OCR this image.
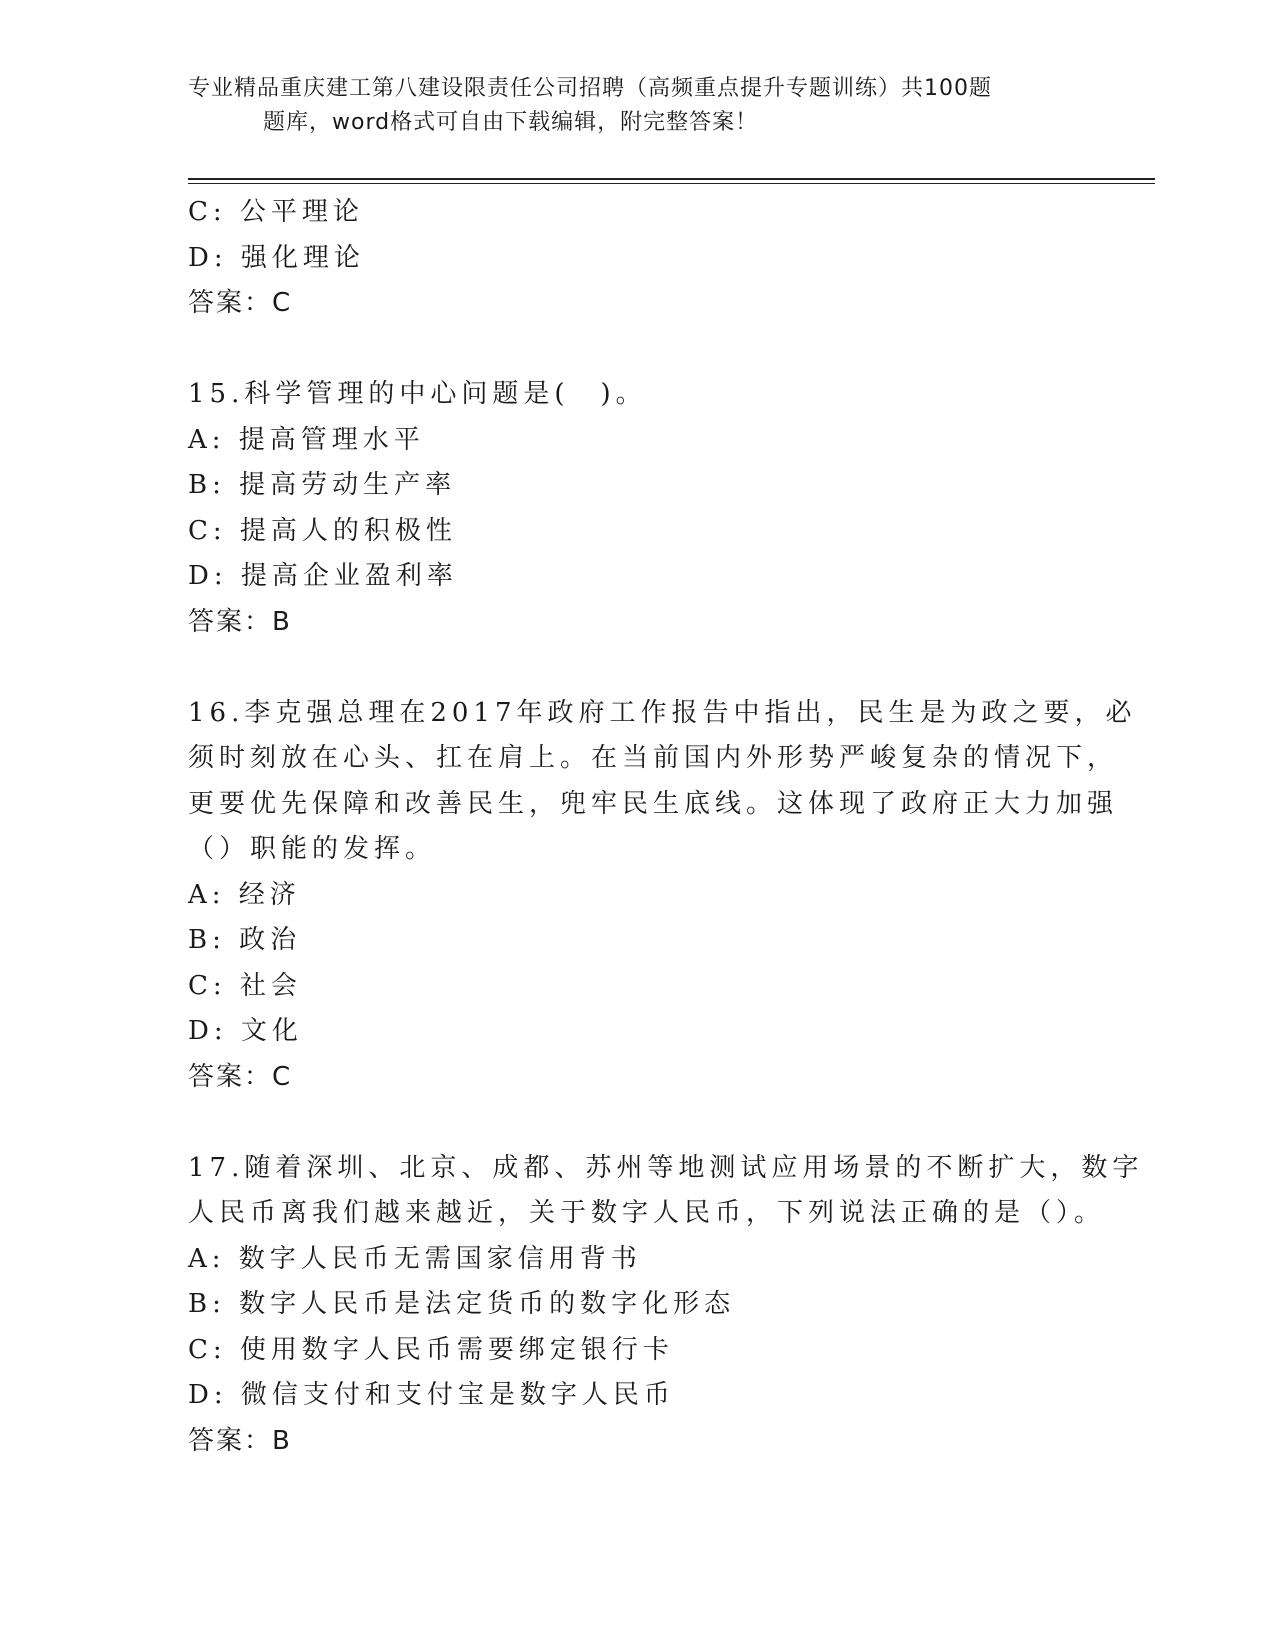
专业精品重庆建工第八建设限责任公司招聘（高频重点提升专题训练）共100题
题库，word格式可自由下载编辑，附完整答案！
C: 公平理论
D: 强化理论
答案：C
15.科学管理的中心问题是(　)。
A: 提高管理水平
B: 提高劳动生产率
C: 提高人的积极性
D: 提高企业盈利率
答案：B
16.李克强总理在2017年政府工作报告中指出，民生是为政之要，必
须时刻放在心头、扛在肩上。在当前国内外形势严峻复杂的情况下，
更要优先保障和改善民生，兜牢民生底线。这体现了政府正大力加强
（）职能的发挥。
A: 经济
B: 政治
C: 社会
D: 文化
答案：C
17.随着深圳、北京、成都、苏州等地测试应用场景的不断扩大，数字
人民币离我们越来越近，关于数字人民币，下列说法正确的是（）。
A: 数字人民币无需国家信用背书
B: 数字人民币是法定货币的数字化形态
C: 使用数字人民币需要绑定银行卡
D: 微信支付和支付宝是数字人民币
答案：B
